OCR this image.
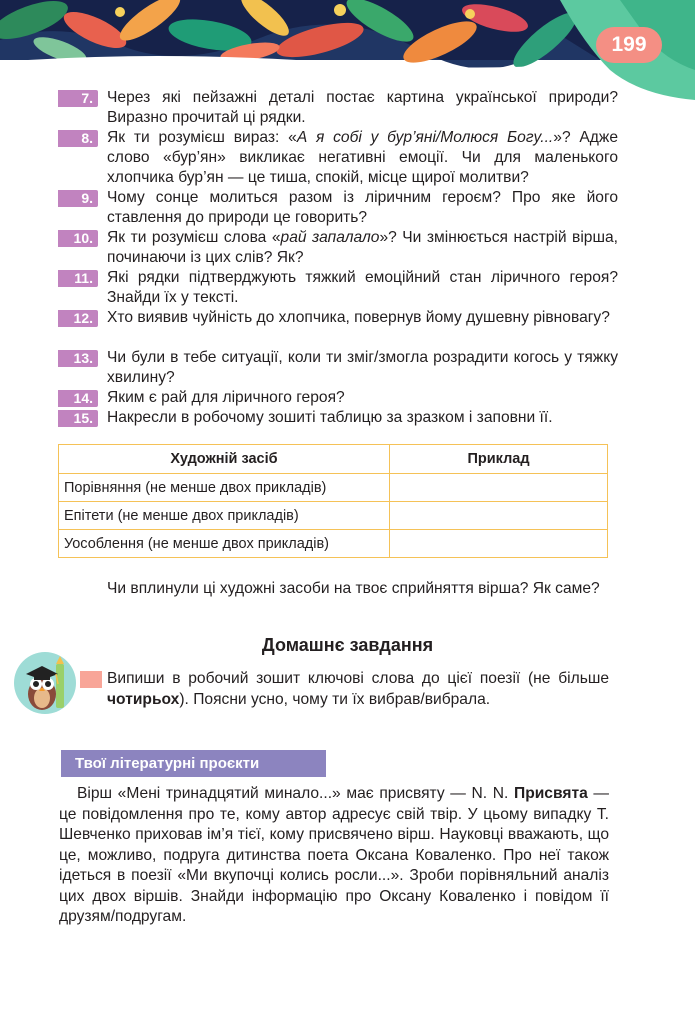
199
7. Через які пейзажні деталі постає картина української природи? Виразно прочитай ці рядки.
8. Як ти розумієш вираз: «А я собі у бур’яні/Молюся Богу...»? Адже слово «бур’ян» викликає негативні емоції. Чи для маленького хлопчика бур’ян — це тиша, спокій, місце щирої молитви?
9. Чому сонце молиться разом із ліричним героєм? Про яке його ставлення до природи це говорить?
10. Як ти розумієш слова «рай запалало»? Чи змінюється настрій вірша, починаючи із цих слів? Як?
11. Які рядки підтверджують тяжкий емоційний стан ліричного героя? Знайди їх у тексті.
12. Хто виявив чуйність до хлопчика, повернув йому душевну рівновагу?
13. Чи були в тебе ситуації, коли ти зміг/змогла розрадити когось у тяжку хвилину?
14. Яким є рай для ліричного героя?
15. Накресли в робочому зошиті таблицю за зразком і заповни її.
Художній засіб	Приклад
Порівняння (не менше двох прикладів)	
Епітети (не менше двох прикладів)	
Уособлення (не менше двох прикладів)	
Чи вплинули ці художні засоби на твоє сприйняття вірша? Як саме?
Домашнє завдання
Випиши в робочий зошит ключові слова до цієї поезії (не більше чотирьох). Поясни усно, чому ти їх вибрав/вибрала.
Твої літературні проєкти
Вірш «Мені тринадцятий минало...» має присвяту — N. N. Присвята — це повідомлення про те, кому автор адресує свій твір. У цьому випадку Т. Шевченко приховав ім’я тієї, кому присвячено вірш. Науковці вважають, що це, можливо, подруга дитинства поета Оксана Коваленко. Про неї також ідеться в поезії «Ми вкупочці колись росли...». Зроби порівняльний аналіз цих двох віршів. Знайди інформацію про Оксану Коваленко і повідом її друзям/подругам.
